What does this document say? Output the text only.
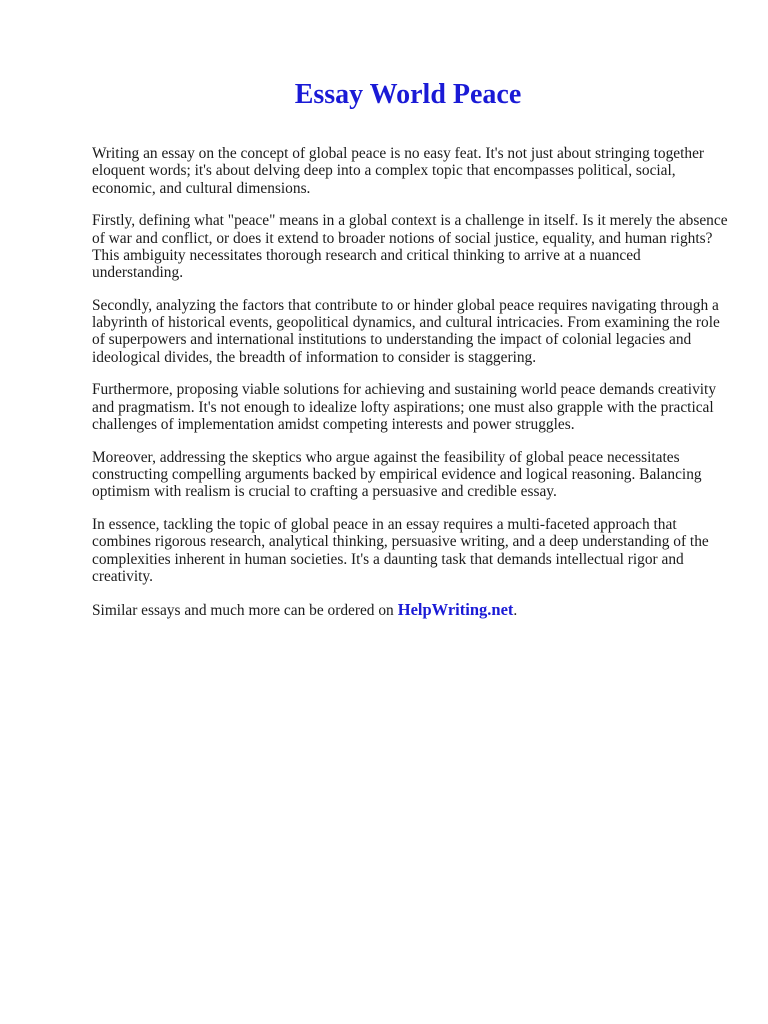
Essay World Peace

Writing an essay on the concept of global peace is no easy feat. It's not just about stringing together eloquent words; it's about delving deep into a complex topic that encompasses political, social, economic, and cultural dimensions.

Firstly, defining what "peace" means in a global context is a challenge in itself. Is it merely the absence of war and conflict, or does it extend to broader notions of social justice, equality, and human rights? This ambiguity necessitates thorough research and critical thinking to arrive at a nuanced understanding.

Secondly, analyzing the factors that contribute to or hinder global peace requires navigating through a labyrinth of historical events, geopolitical dynamics, and cultural intricacies. From examining the role of superpowers and international institutions to understanding the impact of colonial legacies and ideological divides, the breadth of information to consider is staggering.

Furthermore, proposing viable solutions for achieving and sustaining world peace demands creativity and pragmatism. It's not enough to idealize lofty aspirations; one must also grapple with the practical challenges of implementation amidst competing interests and power struggles.

Moreover, addressing the skeptics who argue against the feasibility of global peace necessitates constructing compelling arguments backed by empirical evidence and logical reasoning. Balancing optimism with realism is crucial to crafting a persuasive and credible essay.

In essence, tackling the topic of global peace in an essay requires a multi-faceted approach that combines rigorous research, analytical thinking, persuasive writing, and a deep understanding of the complexities inherent in human societies. It's a daunting task that demands intellectual rigor and creativity.

Similar essays and much more can be ordered on HelpWriting.net.
